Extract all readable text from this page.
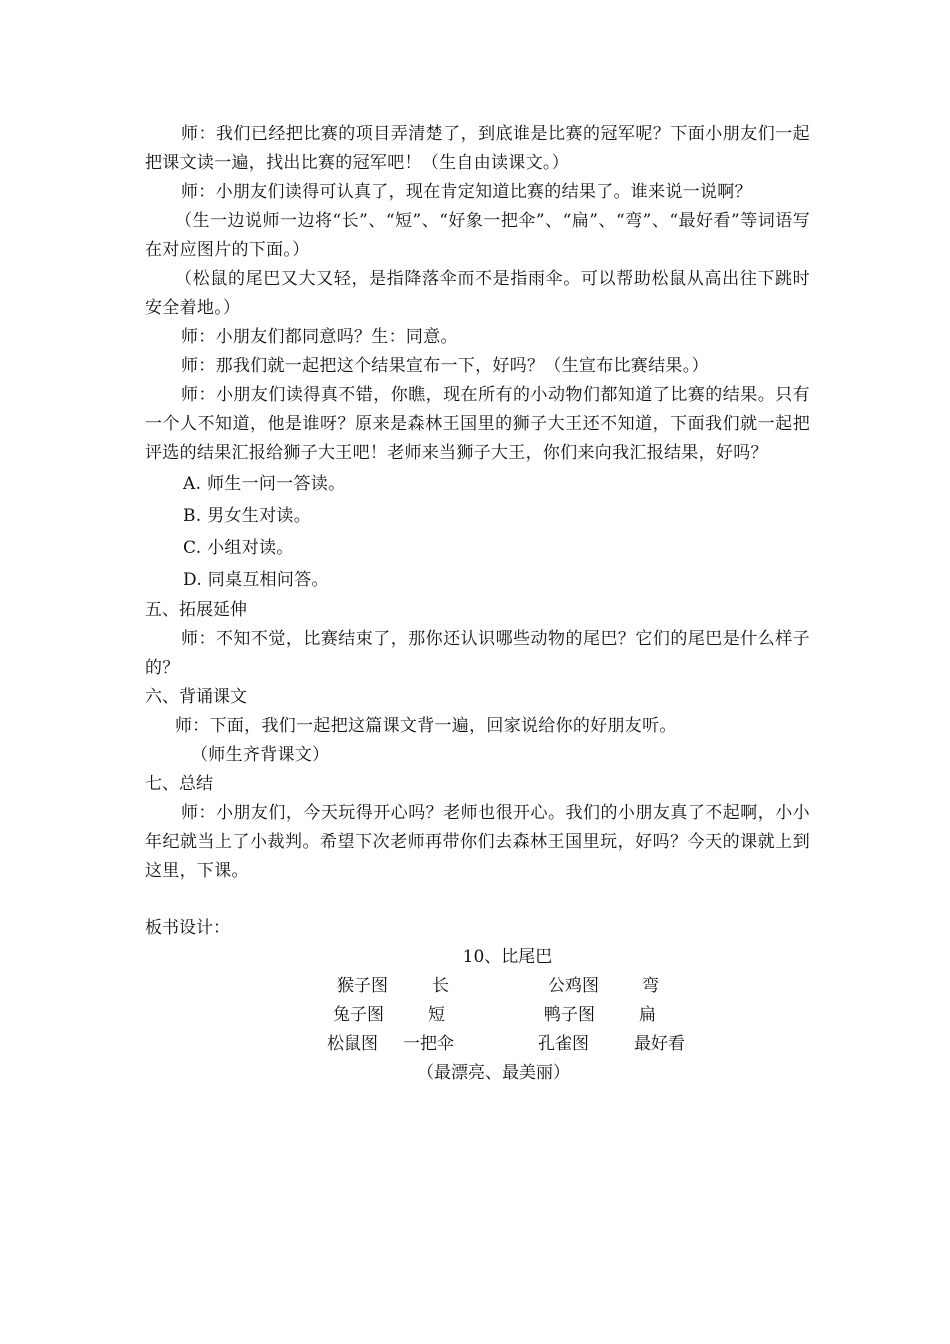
师：我们已经把比赛的项目弄清楚了，到底谁是比赛的冠军呢？下面小朋友们一起把课文读一遍，找出比赛的冠军吧！（生自由读课文。）

师：小朋友们读得可认真了，现在肯定知道比赛的结果了。谁来说一说啊？

（生一边说师一边将“长”、“短”、“好象一把伞”、“扁”、“弯”、“最好看”等词语写在对应图片的下面。）

（松鼠的尾巴又大又轻，是指降落伞而不是指雨伞。可以帮助松鼠从高出往下跳时安全着地。）

师：小朋友们都同意吗？生：同意。

师：那我们就一起把这个结果宣布一下，好吗？（生宣布比赛结果。）

师：小朋友们读得真不错，你瞧，现在所有的小动物们都知道了比赛的结果。只有一个人不知道，他是谁呀？原来是森林王国里的狮子大王还不知道，下面我们就一起把评选的结果汇报给狮子大王吧！老师来当狮子大王，你们来向我汇报结果，好吗？

A. 师生一问一答读。

B. 男女生对读。

C. 小组对读。

D. 同桌互相问答。

五、拓展延伸

师：不知不觉，比赛结束了，那你还认识哪些动物的尾巴？它们的尾巴是什么样子的？

六、背诵课文

师：下面，我们一起把这篇课文背一遍，回家说给你的好朋友听。

（师生齐背课文）

七、总结

师：小朋友们，今天玩得开心吗？老师也很开心。我们的小朋友真了不起啊，小小年纪就当上了小裁判。希望下次老师再带你们去森林王国里玩，好吗？今天的课就上到这里，下课。

板书设计：

10、比尾巴

猴子图	长	公鸡图	弯
兔子图	短	鸭子图	扁
松鼠图 一把伞	孔雀图	最好看

（最漂亮、最美丽）
